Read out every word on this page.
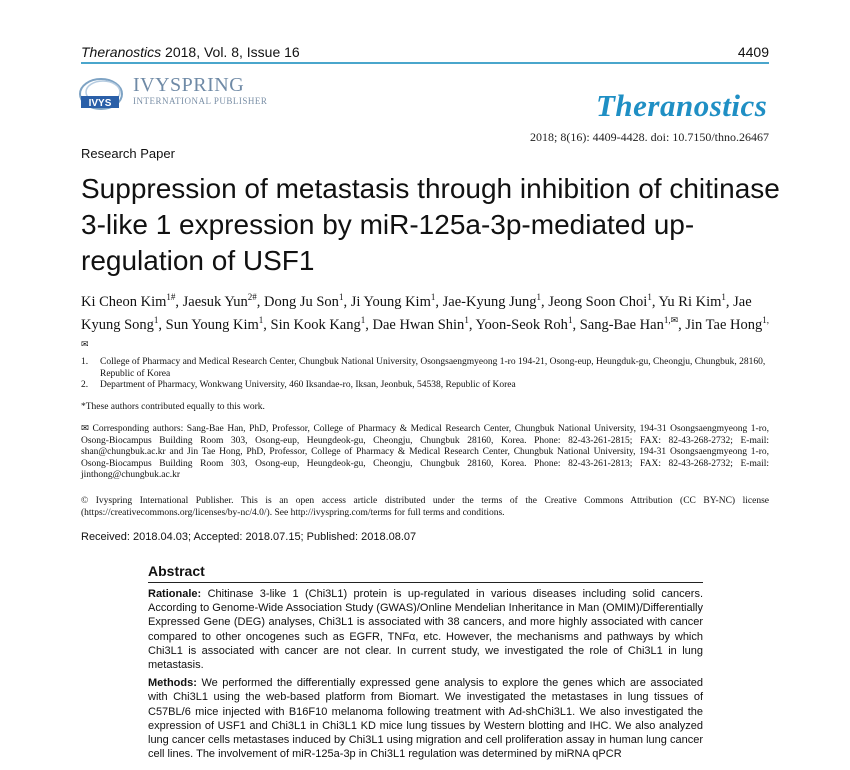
Theranostics 2018, Vol. 8, Issue 16	4409
IVYS
IVYSPRING
INTERNATIONAL PUBLISHER	Theranostics
2018; 8(16): 4409-4428. doi: 10.7150/thno.26467
Research Paper
Suppression of metastasis through inhibition of chitinase 3-like 1 expression by miR-125a-3p-mediated up-regulation of USF1
Ki Cheon Kim$^{1\#}$, Jaesuk Yun$^{2\#}$, Dong Ju Son$^1$, Ji Young Kim$^1$, Jae-Kyung Jung$^1$, Jeong Soon Choi$^1$, Yu Ri Kim$^1$, Jae Kyung Song$^1$, Sun Young Kim$^1$, Sin Kook Kang$^1$, Dae Hwan Shin$^1$, Yoon-Seok Roh$^1$, Sang-Bae Han$^{1,✉}$, Jin Tae Hong$^{1,✉}$
1. College of Pharmacy and Medical Research Center, Chungbuk National University, Osongsaengmyeong 1-ro 194-21, Osong-eup, Heungduk-gu, Cheongju, Chungbuk, 28160, Republic of Korea
2. Department of Pharmacy, Wonkwang University, 460 Iksandae-ro, Iksan, Jeonbuk, 54538, Republic of Korea
*These authors contributed equally to this work.
✉ Corresponding authors: Sang-Bae Han, PhD, Professor, College of Pharmacy & Medical Research Center, Chungbuk National University, 194-31 Osongsaengmyeong 1-ro, Osong-Biocampus Building Room 303, Osong-eup, Heungdeok-gu, Cheongju, Chungbuk 28160, Korea. Phone: 82-43-261-2815; FAX: 82-43-268-2732; E-mail: shan@chungbuk.ac.kr and Jin Tae Hong, PhD, Professor, College of Pharmacy & Medical Research Center, Chungbuk National University, 194-31 Osongsaengmyeong 1-ro, Osong-Biocampus Building Room 303, Osong-eup, Heungdeok-gu, Cheongju, Chungbuk 28160, Korea. Phone: 82-43-261-2813; FAX: 82-43-268-2732; E-mail: jinthong@chungbuk.ac.kr
© Ivyspring International Publisher. This is an open access article distributed under the terms of the Creative Commons Attribution (CC BY-NC) license (https://creativecommons.org/licenses/by-nc/4.0/). See http://ivyspring.com/terms for full terms and conditions.
Received: 2018.04.03; Accepted: 2018.07.15; Published: 2018.08.07
Abstract
Rationale: Chitinase 3-like 1 (Chi3L1) protein is up-regulated in various diseases including solid cancers. According to Genome-Wide Association Study (GWAS)/Online Mendelian Inheritance in Man (OMIM)/Differentially Expressed Gene (DEG) analyses, Chi3L1 is associated with 38 cancers, and more highly associated with cancer compared to other oncogenes such as EGFR, TNFα, etc. However, the mechanisms and pathways by which Chi3L1 is associated with cancer are not clear. In current study, we investigated the role of Chi3L1 in lung metastasis.
Methods: We performed the differentially expressed gene analysis to explore the genes which are associated with Chi3L1 using the web-based platform from Biomart. We investigated the metastases in lung tissues of C57BL/6 mice injected with B16F10 melanoma following treatment with Ad-shChi3L1. We also investigated the expression of USF1 and Chi3L1 in Chi3L1 KD mice lung tissues by Western blotting and IHC. We also analyzed lung cancer cells metastases induced by Chi3L1 using migration and cell proliferation assay in human lung cancer cell lines. The involvement of miR-125a-3p in Chi3L1 regulation was determined by miRNA qPCR
